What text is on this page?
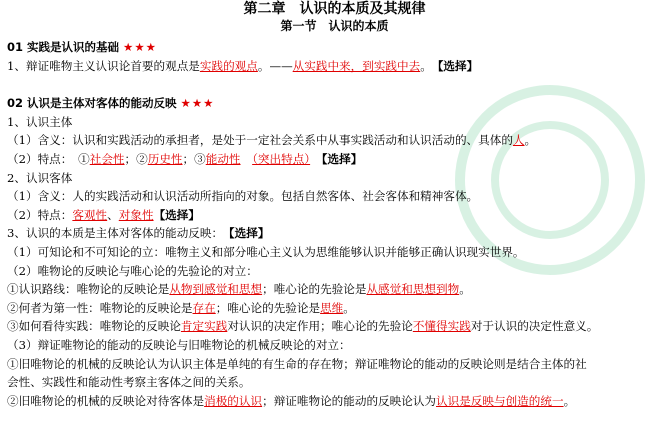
第二章　认识的本质及其规律
第一节　认识的本质
01 实践是认识的基础 ★★★
1、辩证唯物主义认识论首要的观点是实践的观点。——从实践中来，到实践中去。　 【选择】
02 认识是主体对客体的能动反映 ★★★
1、认识主体
（1）含义：认识和实践活动的承担者，是处于一定社会关系中从事实践活动和认识活动的、具体的人。
（2）特点：　①社会性；②历史性；③能动性　 （突出特点）　 【选择】
2、认识客体
（1）含义：人的实践活动和认识活动所指向的对象。包括自然客体、社会客体和精神客体。
（2）特点：客观性、对象性【选择】
3、认识的本质是主体对客体的能动反映：　【选择】
（1）可知论和不可知论的立：唯物主义和部分唯心主义认为思维能够认识并能够正确认识现实世界。
（2）唯物论的反映论与唯心论的先验论的对立：
①认识路线：唯物论的反映论是从物到感觉和思想；唯心论的先验论是从感觉和思想到物。
②何者为第一性：唯物论的反映论是存在；唯心论的先验论是思维。
③如何看待实践：唯物论的反映论肯定实践对认识的决定作用；唯心论的先验论不懂得实践对于认识的决定性意义。
（3）辩证唯物论的能动的反映论与旧唯物论的机械反映论的对立：
①旧唯物论的机械的反映论认为认识主体是单纯的有生命的存在物；辩证唯物论的能动的反映论则是结合主体的社
会性、实践性和能动性考察主客体之间的关系。
②旧唯物论的机械的反映论对待客体是消极的认识；辩证唯物论的能动的反映论认为认识是反映与创造的统一。
